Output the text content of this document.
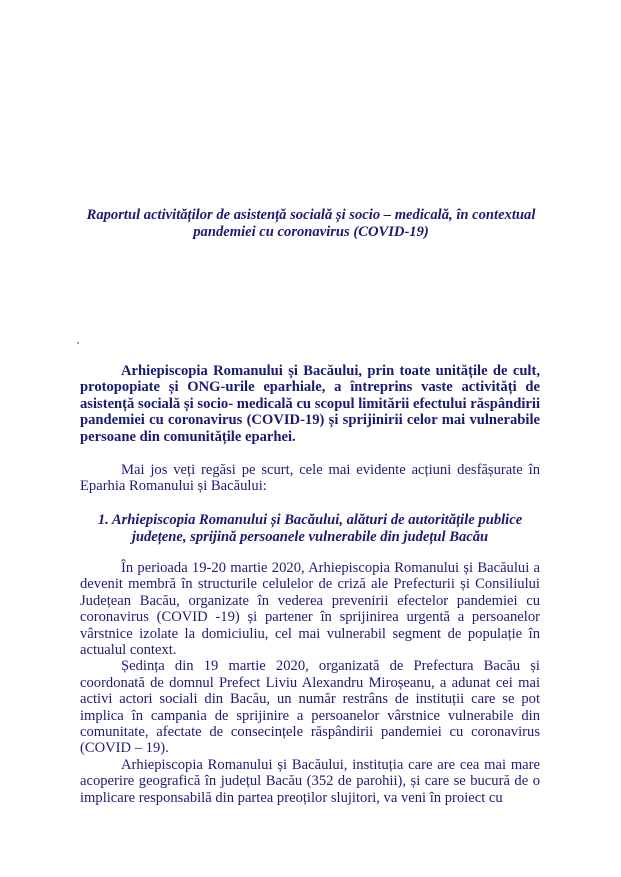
Raportul activităților de asistență socială și socio – medicală, în contextual pandemiei cu coronavirus (COVID-19)
Arhiepiscopia Romanului și Bacăului, prin toate unitățile de cult, protopopiate și ONG-urile eparhiale, a întreprins vaste activități de asistență socială și socio- medicală cu scopul limitării efectului răspândirii pandemiei cu coronavirus (COVID-19) și sprijinirii celor mai vulnerabile persoane din comunitățile eparhei.
Mai jos veți regăsi pe scurt, cele mai evidente acțiuni desfășurate în Eparhia Romanului și Bacăului:
1. Arhiepiscopia Romanului și Bacăului, alături de autoritățile publice județene, sprijină persoanele vulnerabile din județul Bacău

În perioada 19-20 martie 2020, Arhiepiscopia Romanului și Bacăului a devenit membră în structurile celulelor de criză ale Prefecturii și Consiliului Județean Bacău, organizate în vederea prevenirii efectelor pandemiei cu coronavirus (COVID -19) și partener în sprijinirea urgentă a persoanelor vârstnice izolate la domiciuliu, cel mai vulnerabil segment de populație în actualul context.

Ședința din 19 martie 2020, organizată de Prefectura Bacău și coordonată de domnul Prefect Liviu Alexandru Miroșeanu, a adunat cei mai activi actori sociali din Bacău, un număr restrâns de instituții care se pot implica în campania de sprijinire a persoanelor vârstnice vulnerabile din comunitate, afectate de consecințele răspândirii pandemiei cu coronavirus (COVID – 19).

Arhiepiscopia Romanului și Bacăului, instituția care are cea mai mare acoperire geografică în județul Bacău (352 de parohii), și care se bucură de o implicare responsabilă din partea preoților slujitori, va veni în proiect cu
